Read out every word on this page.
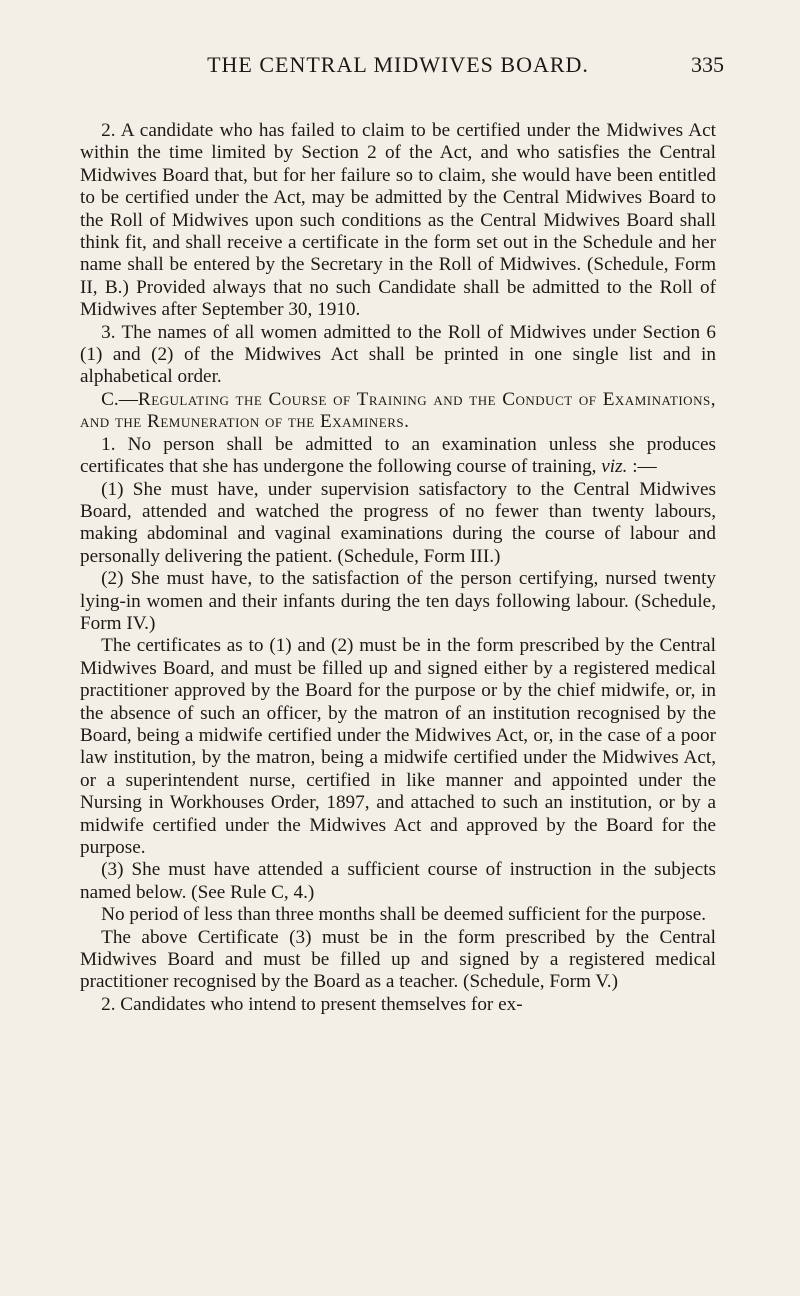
THE CENTRAL MIDWIVES BOARD.	335

2. A candidate who has failed to claim to be certified under the Midwives Act within the time limited by Section 2 of the Act, and who satisfies the Central Midwives Board that, but for her failure so to claim, she would have been entitled to be certified under the Act, may be admitted by the Central Midwives Board to the Roll of Midwives upon such conditions as the Central Midwives Board shall think fit, and shall receive a certificate in the form set out in the Schedule and her name shall be entered by the Secretary in the Roll of Midwives. (Schedule, Form II, B.) Provided always that no such Candidate shall be admitted to the Roll of Midwives after September 30, 1910.

3. The names of all women admitted to the Roll of Midwives under Section 6 (1) and (2) of the Midwives Act shall be printed in one single list and in alphabetical order.

C.—Regulating the Course of Training and the Conduct of Examinations, and the Remuneration of the Examiners.

1. No person shall be admitted to an examination unless she produces certificates that she has undergone the following course of training, viz. :—

(1) She must have, under supervision satisfactory to the Central Midwives Board, attended and watched the progress of no fewer than twenty labours, making abdominal and vaginal examinations during the course of labour and personally delivering the patient. (Schedule, Form III.)

(2) She must have, to the satisfaction of the person certifying, nursed twenty lying-in women and their infants during the ten days following labour. (Schedule, Form IV.)

The certificates as to (1) and (2) must be in the form prescribed by the Central Midwives Board, and must be filled up and signed either by a registered medical practitioner approved by the Board for the purpose or by the chief midwife, or, in the absence of such an officer, by the matron of an institution recognised by the Board, being a midwife certified under the Midwives Act, or, in the case of a poor law institution, by the matron, being a midwife certified under the Midwives Act, or a superintendent nurse, certified in like manner and appointed under the Nursing in Workhouses Order, 1897, and attached to such an institution, or by a midwife certified under the Midwives Act and approved by the Board for the purpose.

(3) She must have attended a sufficient course of instruction in the subjects named below. (See Rule C, 4.)

No period of less than three months shall be deemed sufficient for the purpose.

The above Certificate (3) must be in the form prescribed by the Central Midwives Board and must be filled up and signed by a registered medical practitioner recognised by the Board as a teacher. (Schedule, Form V.)

2. Candidates who intend to present themselves for ex-
